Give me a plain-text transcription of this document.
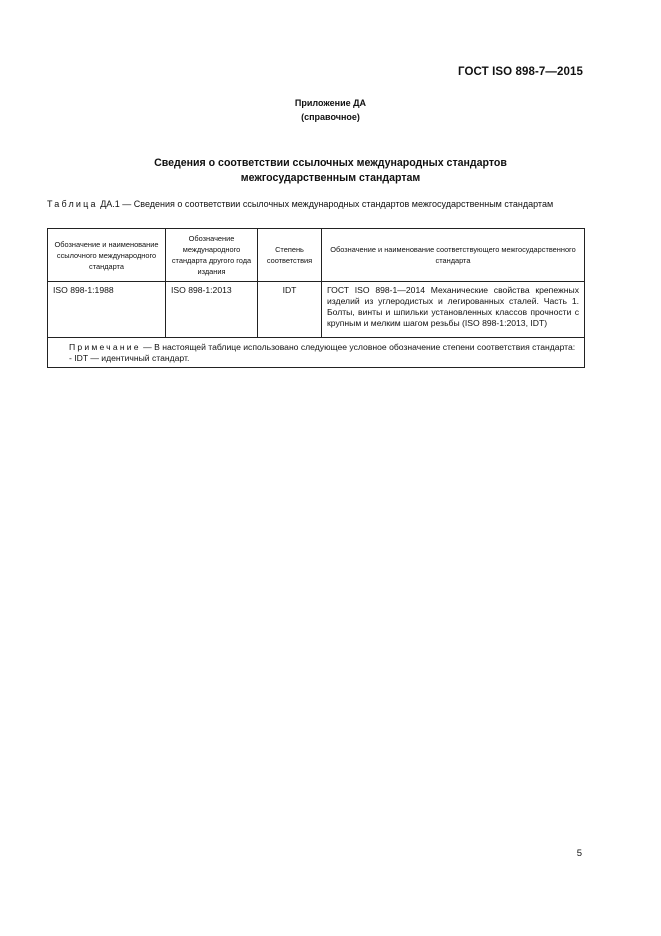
ГОСТ ISO 898-7—2015
Приложение ДА
(справочное)
Сведения о соответствии ссылочных международных стандартов
межгосударственным стандартам
Таблица ДА.1 — Сведения о соответствии ссылочных международных стандартов межгосударственным стандартам
Обозначение и наименование ссылочного международного стандарта	Обозначение международного стандарта другого года издания	Степень соответствия	Обозначение и наименование соответствующего межгосударственного стандарта
ISO 898-1:1988	ISO 898-1:2013	IDT	ГОСТ ISO 898-1—2014 Механические свойства крепежных изделий из углеродистых и легированных сталей. Часть 1. Болты, винты и шпильки установленных классов прочности с крупным и мелким шагом резьбы (ISO 898-1:2013, IDT)
Примечание — В настоящей таблице использовано следующее условное обозначение степени соответствия стандарта:
- IDT — идентичный стандарт.			
5
